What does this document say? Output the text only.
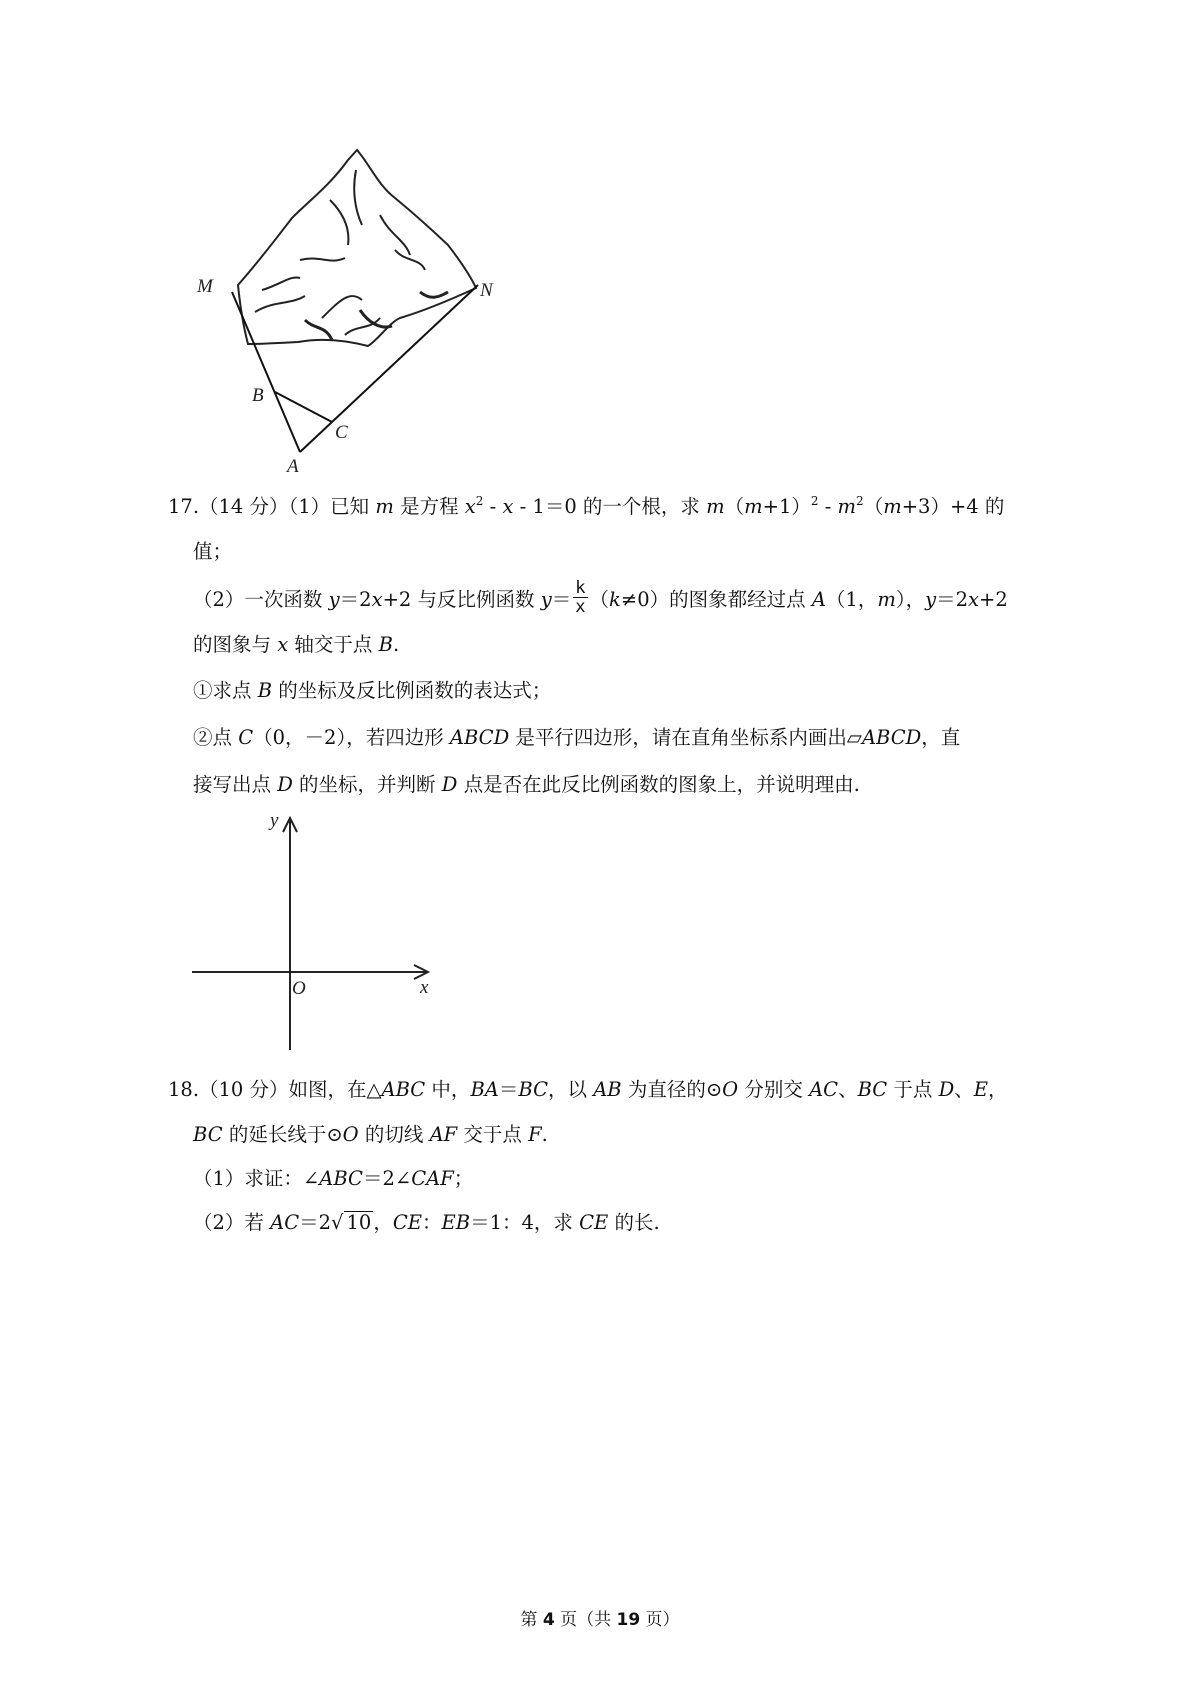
M	N
B
C
A
17.（14 分）（1）已知 m 是方程 $x^2 - x - 1=0$ 的一个根，求 $m(m+1)^2 - m^2(m+3)+4$ 的
值；
（2）一次函数 y＝2x+2 与反比例函数 $y= \frac{k}{x} (k\ne 0)$的图象都经过点 A（1，m），y＝2x+2
的图象与 x 轴交于点 B.
①求点 B 的坐标及反比例函数的表达式；
②点 C（0，－2），若四边形 ABCD 是平行四边形，请在直角坐标系内画出▱ABCD，直
接写出点 D 的坐标，并判断 D 点是否在此反比例函数的图象上，并说明理由.
y
x
O
18.（10 分）如图，在△ABC 中，BA＝BC，以 AB 为直径的⊙O 分别交 AC、BC 于点 D、E，
BC 的延长线于⊙O 的切线 AF 交于点 F.
（1）求证：∠ABC＝2∠CAF；
（2）若 AC＝2√ 10 ，CE：EB＝1：4，求 CE 的长.
第 4 页（共 19 页）
